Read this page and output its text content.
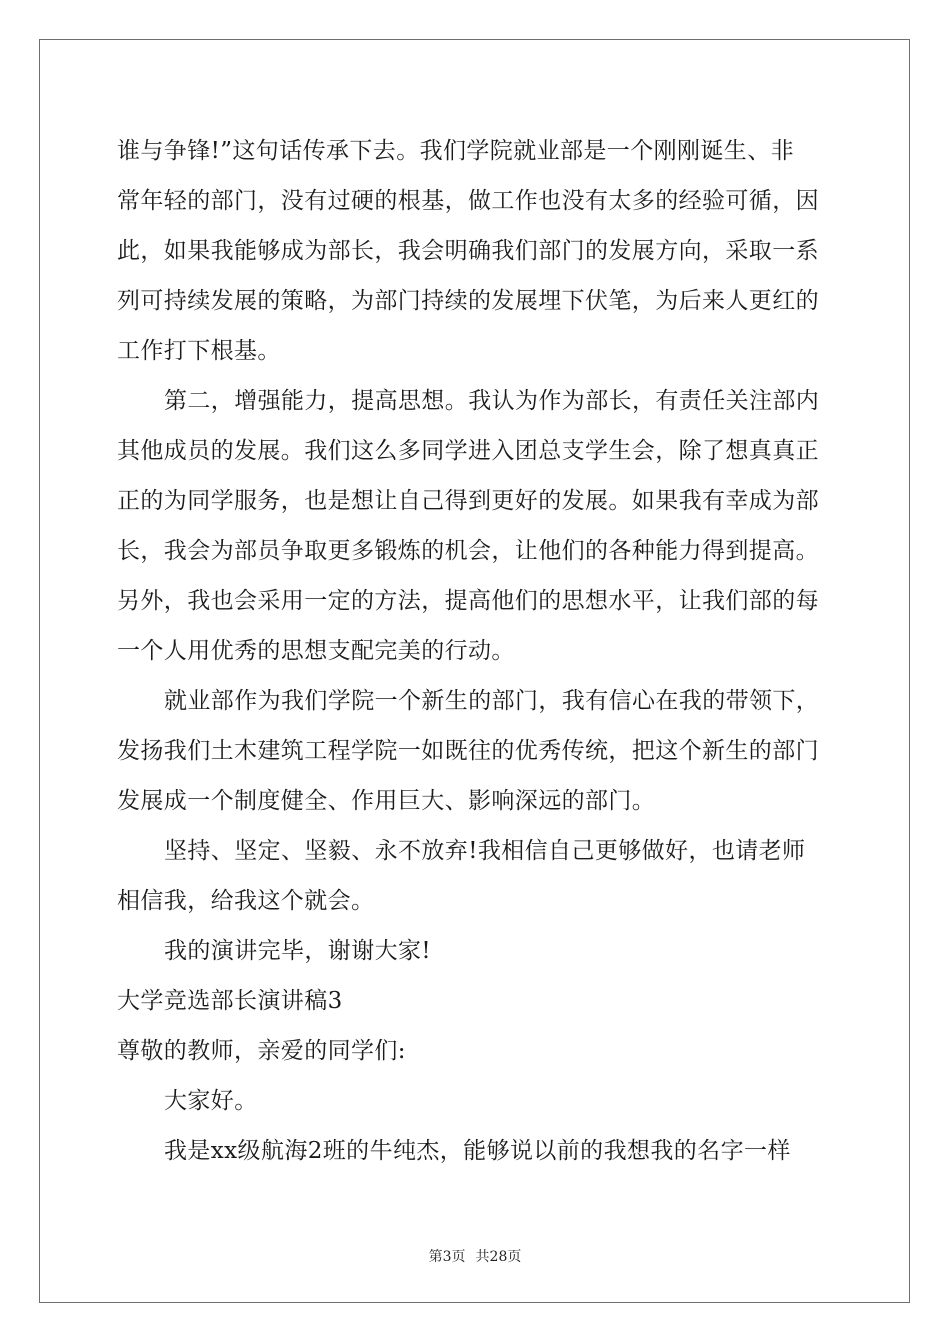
谁与争锋!”这句话传承下去。我们学院就业部是一个刚刚诞生、非
常年轻的部门，没有过硬的根基，做工作也没有太多的经验可循，因
此，如果我能够成为部长，我会明确我们部门的发展方向，采取一系
列可持续发展的策略，为部门持续的发展埋下伏笔，为后来人更红的
工作打下根基。
第二，增强能力，提高思想。我认为作为部长，有责任关注部内
其他成员的发展。我们这么多同学进入团总支学生会，除了想真真正
正的为同学服务，也是想让自己得到更好的发展。如果我有幸成为部
长，我会为部员争取更多锻炼的机会，让他们的各种能力得到提高。
另外，我也会采用一定的方法，提高他们的思想水平，让我们部的每
一个人用优秀的思想支配完美的行动。
就业部作为我们学院一个新生的部门，我有信心在我的带领下，
发扬我们土木建筑工程学院一如既往的优秀传统，把这个新生的部门
发展成一个制度健全、作用巨大、影响深远的部门。
坚持、坚定、坚毅、永不放弃!我相信自己更够做好，也请老师
相信我，给我这个就会。
我的演讲完毕，谢谢大家!
大学竞选部长演讲稿3
尊敬的教师，亲爱的同学们:
大家好。
我是xx级航海2班的牛纯杰，能够说以前的我想我的名字一样
第3页 共28页
